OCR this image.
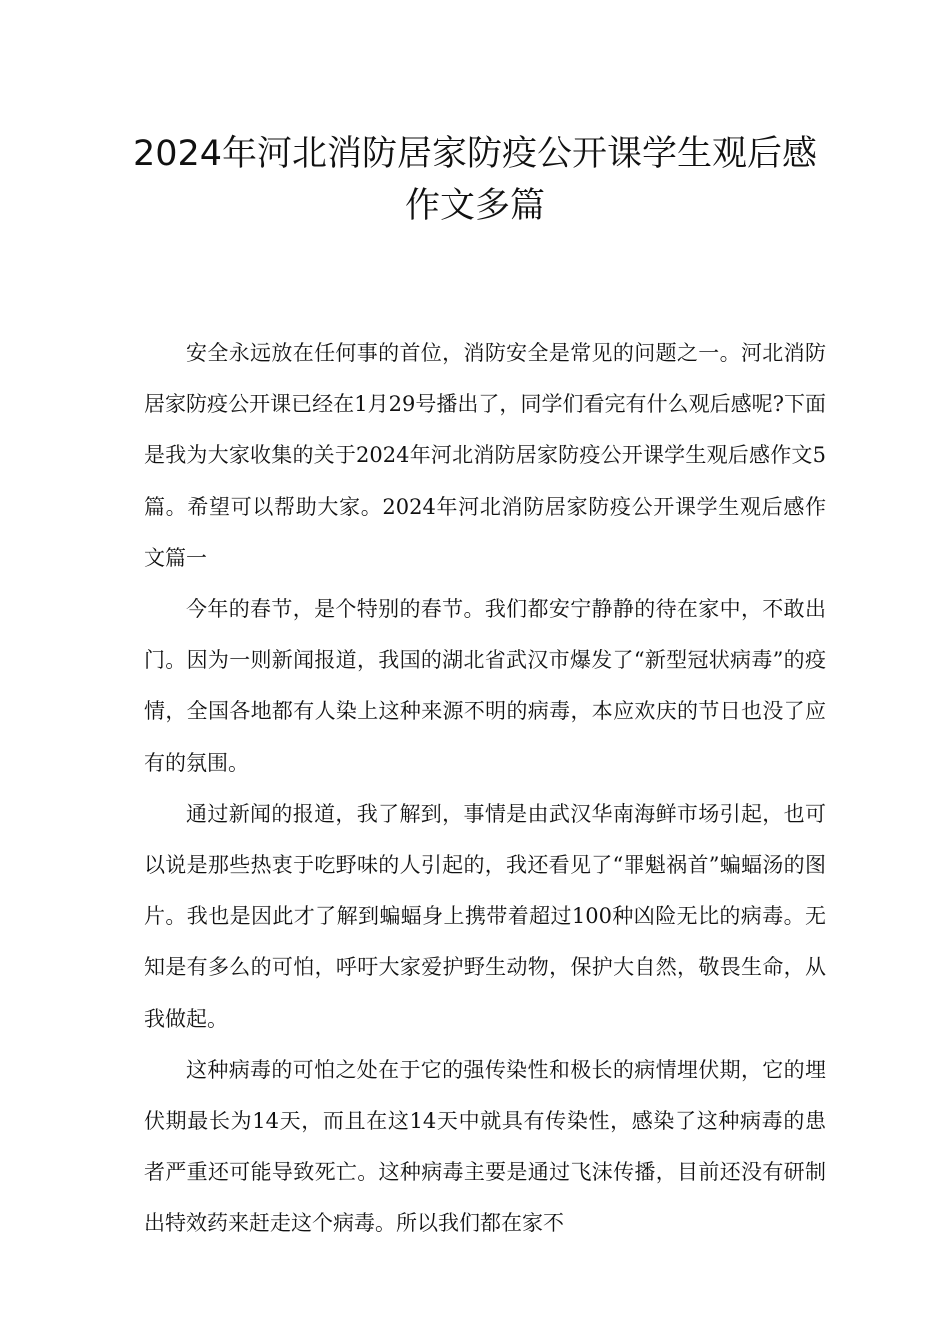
2024年河北消防居家防疫公开课学生观后感作文多篇

安全永远放在任何事的首位，消防安全是常见的问题之一。河北消防居家防疫公开课已经在1月29号播出了，同学们看完有什么观后感呢?下面是我为大家收集的关于2024年河北消防居家防疫公开课学生观后感作文5篇。希望可以帮助大家。2024年河北消防居家防疫公开课学生观后感作文篇一

今年的春节，是个特别的春节。我们都安宁静静的待在家中，不敢出门。因为一则新闻报道，我国的湖北省武汉市爆发了“新型冠状病毒”的疫情，全国各地都有人染上这种来源不明的病毒，本应欢庆的节日也没了应有的氛围。

通过新闻的报道，我了解到，事情是由武汉华南海鲜市场引起，也可以说是那些热衷于吃野味的人引起的，我还看见了“罪魁祸首”蝙蝠汤的图片。我也是因此才了解到蝙蝠身上携带着超过100种凶险无比的病毒。无知是有多么的可怕，呼吁大家爱护野生动物，保护大自然，敬畏生命，从我做起。

这种病毒的可怕之处在于它的强传染性和极长的病情埋伏期，它的埋伏期最长为14天，而且在这14天中就具有传染性，感染了这种病毒的患者严重还可能导致死亡。这种病毒主要是通过飞沫传播，目前还没有研制出特效药来赶走这个病毒。所以我们都在家不
